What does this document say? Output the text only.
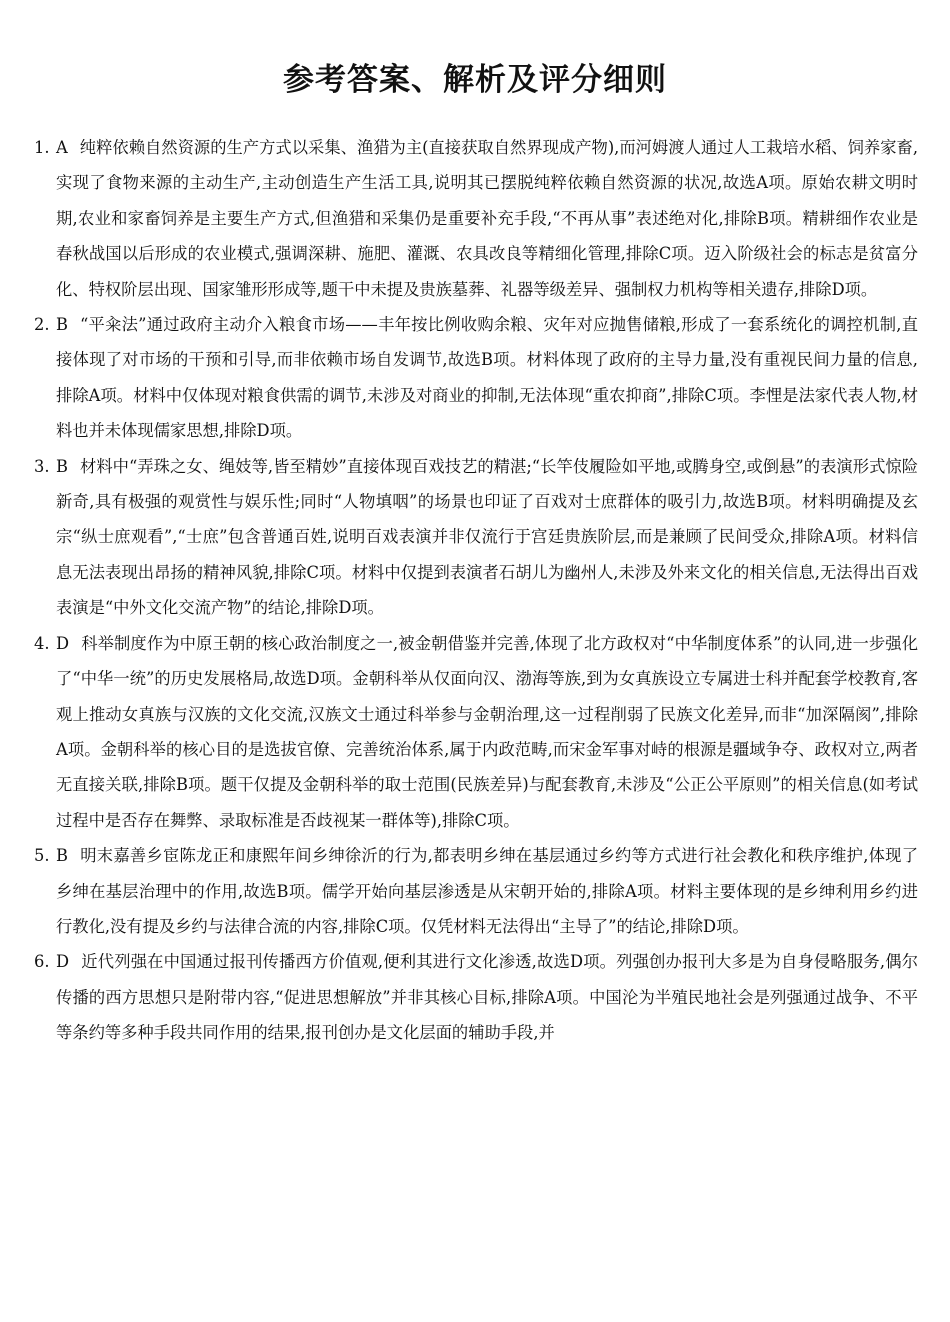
参考答案、解析及评分细则
1. A 纯粹依赖自然资源的生产方式以采集、渔猎为主(直接获取自然界现成产物),而河姆渡人通过人工栽培水稻、饲养家畜,实现了食物来源的主动生产,主动创造生产生活工具,说明其已摆脱纯粹依赖自然资源的状况,故选A项。原始农耕文明时期,农业和家畜饲养是主要生产方式,但渔猎和采集仍是重要补充手段,“不再从事”表述绝对化,排除B项。精耕细作农业是春秋战国以后形成的农业模式,强调深耕、施肥、灌溉、农具改良等精细化管理,排除C项。迈入阶级社会的标志是贫富分化、特权阶层出现、国家雏形形成等,题干中未提及贵族墓葬、礼器等级差异、强制权力机构等相关遗存,排除D项。
2. B “平籴法”通过政府主动介入粮食市场——丰年按比例收购余粮、灾年对应抛售储粮,形成了一套系统化的调控机制,直接体现了对市场的干预和引导,而非依赖市场自发调节,故选B项。材料体现了政府的主导力量,没有重视民间力量的信息,排除A项。材料中仅体现对粮食供需的调节,未涉及对商业的抑制,无法体现“重农抑商”,排除C项。李悝是法家代表人物,材料也并未体现儒家思想,排除D项。
3. B 材料中“弄珠之女、绳妓等,皆至精妙”直接体现百戏技艺的精湛;“长竿伎履险如平地,或腾身空,或倒悬”的表演形式惊险新奇,具有极强的观赏性与娱乐性;同时“人物填咽”的场景也印证了百戏对士庶群体的吸引力,故选B项。材料明确提及玄宗“纵士庶观看”,“士庶”包含普通百姓,说明百戏表演并非仅流行于宫廷贵族阶层,而是兼顾了民间受众,排除A项。材料信息无法表现出昂扬的精神风貌,排除C项。材料中仅提到表演者石胡儿为幽州人,未涉及外来文化的相关信息,无法得出百戏表演是“中外文化交流产物”的结论,排除D项。
4. D 科举制度作为中原王朝的核心政治制度之一,被金朝借鉴并完善,体现了北方政权对“中华制度体系”的认同,进一步强化了“中华一统”的历史发展格局,故选D项。金朝科举从仅面向汉、渤海等族,到为女真族设立专属进士科并配套学校教育,客观上推动女真族与汉族的文化交流,汉族文士通过科举参与金朝治理,这一过程削弱了民族文化差异,而非“加深隔阂”,排除A项。金朝科举的核心目的是选拔官僚、完善统治体系,属于内政范畴,而宋金军事对峙的根源是疆域争夺、政权对立,两者无直接关联,排除B项。题干仅提及金朝科举的取士范围(民族差异)与配套教育,未涉及“公正公平原则”的相关信息(如考试过程中是否存在舞弊、录取标准是否歧视某一群体等),排除C项。
5. B 明末嘉善乡宦陈龙正和康熙年间乡绅徐沂的行为,都表明乡绅在基层通过乡约等方式进行社会教化和秩序维护,体现了乡绅在基层治理中的作用,故选B项。儒学开始向基层渗透是从宋朝开始的,排除A项。材料主要体现的是乡绅利用乡约进行教化,没有提及乡约与法律合流的内容,排除C项。仅凭材料无法得出“主导了”的结论,排除D项。
6. D 近代列强在中国通过报刊传播西方价值观,便利其进行文化渗透,故选D项。列强创办报刊大多是为自身侵略服务,偶尔传播的西方思想只是附带内容,“促进思想解放”并非其核心目标,排除A项。中国沦为半殖民地社会是列强通过战争、不平等条约等多种手段共同作用的结果,报刊创办是文化层面的辅助手段,并
